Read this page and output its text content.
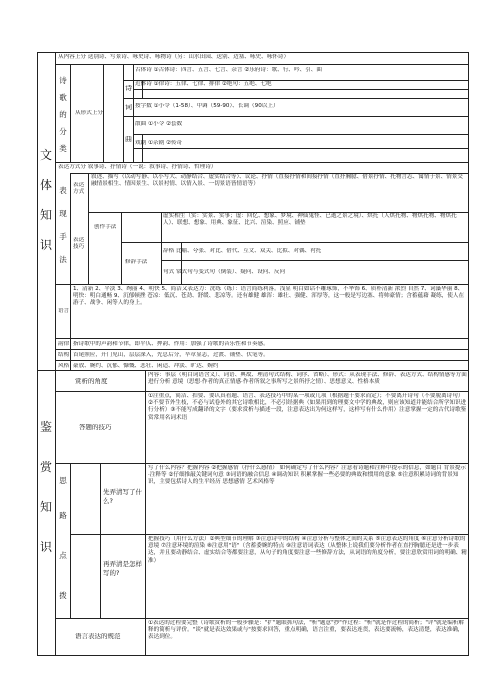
文
体
知
识
从内容上分 送别诗、写景诗、咏史诗、咏物诗（另：山水田园、送别、边塞、咏史、咏怀诗）
诗
歌
的
分
类
从形式上分
诗
词
曲
古体诗 ①古体诗：四言、五言、七言、杂言 ②乐府诗：歌、行、吟、引、曲
近体诗 ①律诗：五律、七律、排律 ②绝句：五绝、七绝
按字数 ①小令（1-58）、中调（59-90）、长调（90以上）
散曲 ①小令 ②套数
戏剧 ①杂剧 ②传奇
表达方式分 叙事诗、抒情诗（一说：叙事诗、抒情诗、哲理诗）
表
现
手
法
表达方式
叙述、描写（以动写静、以小写大、动静结合、虚实结合等）、议论、抒情（直接抒情和间接抒情（直抒胸臆、借景抒情、托物言志、寓情于景、情景交融情景相生、情因景生、以景衬情、以情入景、一切景语皆情语等）
表达技巧
创作手法
虚实相生（实：实景、实事；虚：回忆、想象、梦境、神仙鬼怪、已逝之景之境）、烘托（人烘托物、物烘托物、物烘托人）、联想、想象、用典、象征、比兴、渲染、照应、铺垫
修辞手法
辞格 比喻、夸张、对比、借代、互文、双关、比拟、对偶、衬托
句式 常式句与变式句（倒装）、疑问、设问、反问
语言
1、清新 2、平淡 3、绚丽 4、明快 5、简洁又表达力：洗练（练）：语言简练利落。浅显 明白如话不雕琢饰，不华饰 6、质朴清新 浓烈 自然 7、词藻华丽 8、明快：明白通畅 9、沉郁顿挫 苍凉：低沉、苍劲、舒缓、悲凉等。还有雄健 雄浑：雄壮、强健、浑厚等，这一般是写边塞、将帅豪情；含蓄蕴藉 凝练，使人在游子、战争、闲等人的身上。
韵律 指诗歌中的声韵和节律，即平仄、押韵、作用：加强了诗歌的音乐性和节奏感。
结构 首尾照应，开门见山，层层深入，先总后分，卒章显志，过渡、铺垫、伏笔等。
风格 豪放、婉约、沉郁、慷慨、悲壮、闲适、冲淡、旷达、婉约
鉴
赏
知
识
赏析的角度
内容：事层（明白词语含义）、词语、典故、理清句式结构、词序、省略）、形式：从表现手法、修辞、表达方式、结构情感等方面进行分析 意境（思想·作者的真正情感·作者所叙之事所写之景所抒之情）、思想意义、性格本质
答题的技巧
①注重点，简洁、扣要、要认真看题、语言、表达技巧中的某一项或几项（根据题干要求而定）；不要离开诗句（不要脱离诗句）②不要节外生枝，不必与试卷外的其它诗歌相比，不必引经据典（如果用到的理要文中学的典故，则应该知道并能结合所学知识进行分析）③不能写成翻译的文字（要求赏析与描述一段，注意表达出为何这样写，这样写有什么作用）注意掌握一定的古代诗歌鉴赏常用名词术语
思
路
点
拨
先弄清写了什么?
写了什么内容？把握内容 ②把握感情（抒什么感情） 如何确定写了什么内容？注意看诗题和注释中提示的信息，如题目 背景提示·注释等 ②仔细推敲关键词句意 ③词语的融合信息 ④调动知识 积累掌握一些必要的典故和惯用的意象 ⑤注意积累诗词的背景知识，主要包括诗人的生平经历 思想感情 艺术风格等
再弄清是怎样写的?
把握技巧（用什么方法）②典型细节的理解 ③注意诗中的结构 ④注意分析与整体之间的关系 ⑤注意表达的角度 ⑥注意分析诗歌的意境 ⑦注意环境的渲染 ⑧注意用"语"（含蓄委婉的特点 ⑨注意语词表达（从整体上说我们要分析作者在直抒胸臆还是进一步表达，并且要动静结合、虚实结合等都要注意，从句子的角度要注意一些修辞方法，从词语的角度分析，要注意欣赏用词的明确、精准）
语言表达的规范
①表达的过程要完整（诗歌赏析的一般步骤是："扩"题眼抓句法，"析"题意"抄"作过程："析"就是作过程的简析；"评"就是编析解释的简析与评价。"谈"就是表达效果或与"按要求回答，重点明确，语言注重，要表达连贯，表达要流畅，表达清楚，表达准确，表达到位。
